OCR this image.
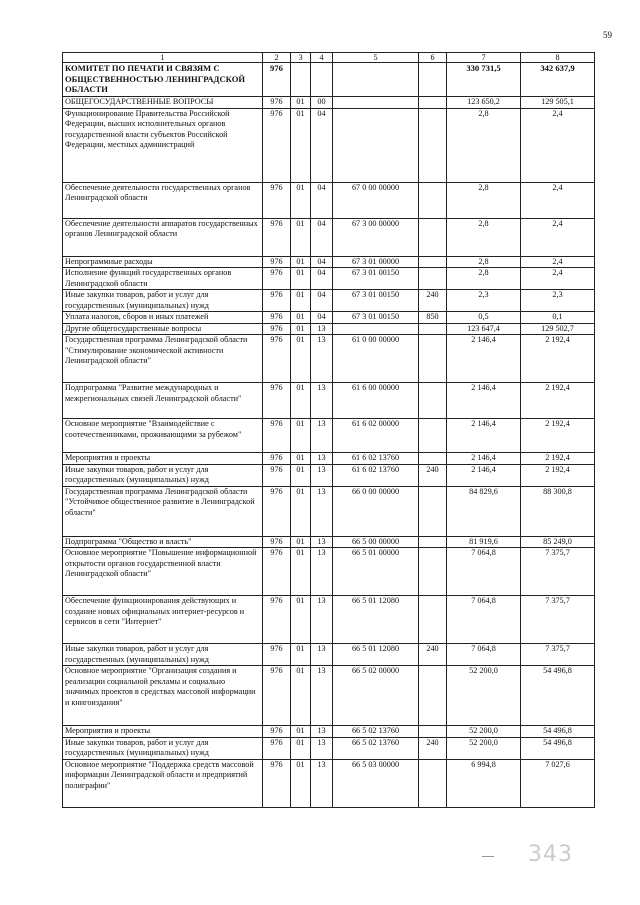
59
1	2	3	4	5	6	7	8
КОМИТЕТ ПО ПЕЧАТИ И СВЯЗЯМ С ОБЩЕСТВЕННОСТЬЮ ЛЕНИНГРАДСКОЙ ОБЛАСТИ	976					330 731,5	342 637,9
ОБЩЕГОСУДАРСТВЕННЫЕ ВОПРОСЫ	976	01	00			123 650,2	129 505,1
Функционирование Правительства Российской Федерации, высших исполнительных органов государственной власти субъектов Российской Федерации, местных администраций	976	01	04			2,8	2,4
Обеспечение деятельности государственных органов Ленинградской области	976	01	04	67 0 00 00000		2,8	2,4
Обеспечение деятельности аппаратов государственных органов Ленинградской области	976	01	04	67 3 00 00000		2,8	2,4
Непрограммные расходы	976	01	04	67 3 01 00000		2,8	2,4
Исполнение функций государственных органов Ленинградской области	976	01	04	67 3 01 00150		2,8	2,4
Иные закупки товаров, работ и услуг для государственных (муниципальных) нужд	976	01	04	67 3 01 00150	240	2,3	2,3
Уплата налогов, сборов и иных платежей	976	01	04	67 3 01 00150	850	0,5	0,1
Другие общегосударственные вопросы	976	01	13			123 647,4	129 502,7
Государственная программа Ленинградской области "Стимулирование экономической активности Ленинградской области"	976	01	13	61 0 00 00000		2 146,4	2 192,4
Подпрограмма "Развитие международных и межрегиональных связей Ленинградской области"	976	01	13	61 6 00 00000		2 146,4	2 192,4
Основное мероприятие "Взаимодействие с соотечественниками, проживающими за рубежом"	976	01	13	61 6 02 00000		2 146,4	2 192,4
Мероприятия и проекты	976	01	13	61 6 02 13760		2 146,4	2 192,4
Иные закупки товаров, работ и услуг для государственных (муниципальных) нужд	976	01	13	61 6 02 13760	240	2 146,4	2 192,4
Государственная программа Ленинградской области "Устойчивое общественное развитие в Ленинградской области"	976	01	13	66 0 00 00000		84 829,6	88 300,8
Подпрограмма "Общество и власть"	976	01	13	66 5 00 00000		81 919,6	85 249,0
Основное мероприятие "Повышение информационной открытости органов государственной власти Ленинградской области"	976	01	13	66 5 01 00000		7 064,8	7 375,7
Обеспечение функционирования действующих и создание новых официальных интернет-ресурсов и сервисов в сети "Интернет"	976	01	13	66 5 01 12080		7 064,8	7 375,7
Иные закупки товаров, работ и услуг для государственных (муниципальных) нужд	976	01	13	66 5 01 12080	240	7 064,8	7 375,7
Основное мероприятие "Организация создания и реализации социальной рекламы и социально значимых проектов в средствах массовой информации и книгоиздания"	976	01	13	66 5 02 00000		52 200,0	54 496,8
Мероприятия и проекты	976	01	13	66 5 02 13760		52 200,0	54 496,8
Иные закупки товаров, работ и услуг для государственных (муниципальных) нужд	976	01	13	66 5 02 13760	240	52 200,0	54 496,8
Основное мероприятие "Поддержка средств массовой информации Ленинградской области и предприятий полиграфии"	976	01	13	66 5 03 00000		6 994,8	7 027,6
343
